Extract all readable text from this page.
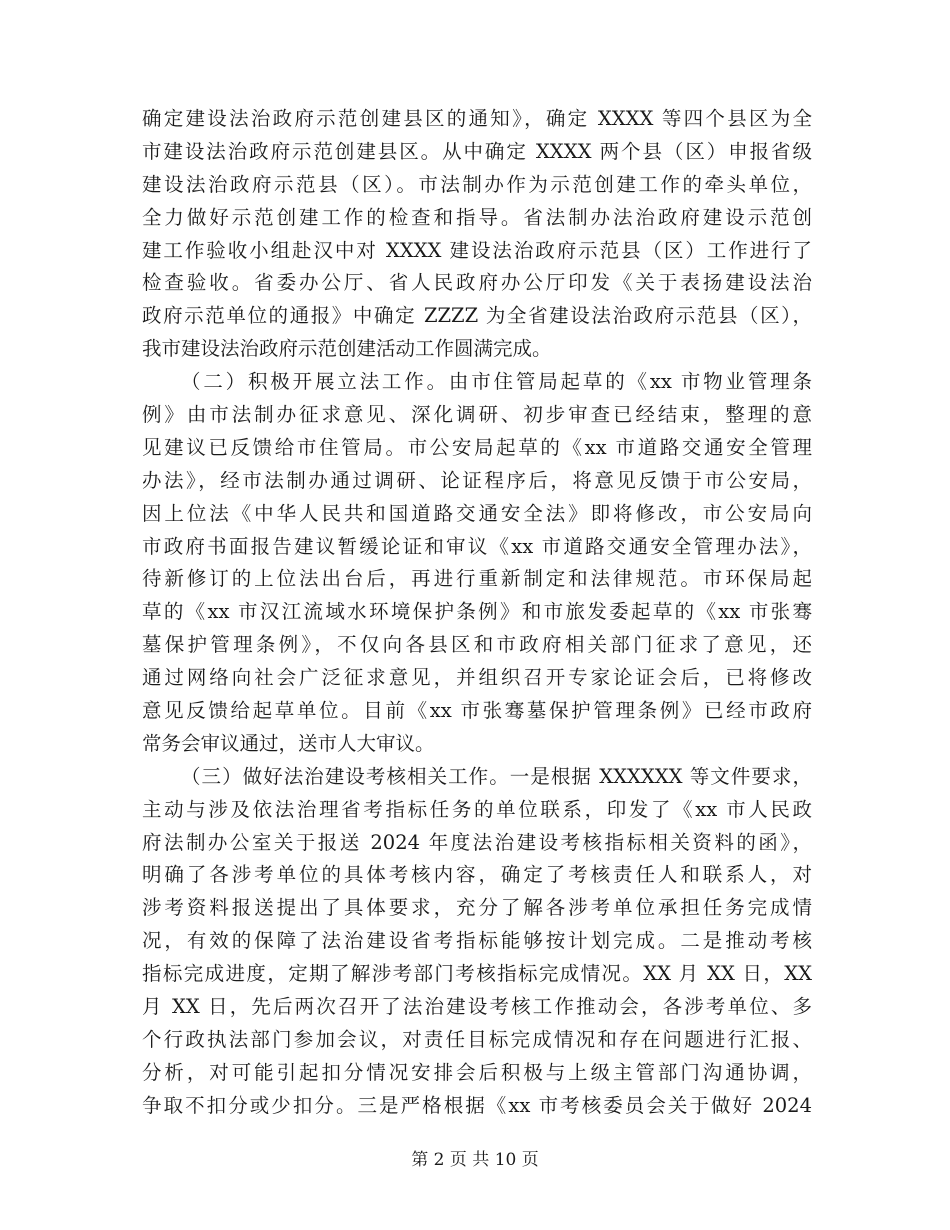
确定建设法治政府示范创建县区的通知》，确定 XXXX 等四个县区为全
市建设法治政府示范创建县区。从中确定 XXXX 两个县（区）申报省级
建设法治政府示范县（区）。市法制办作为示范创建工作的牵头单位，
全力做好示范创建工作的检查和指导。省法制办法治政府建设示范创
建工作验收小组赴汉中对 XXXX 建设法治政府示范县（区）工作进行了
检查验收。省委办公厅、省人民政府办公厅印发《关于表扬建设法治
政府示范单位的通报》中确定 ZZZZ 为全省建设法治政府示范县（区），
我市建设法治政府示范创建活动工作圆满完成。
（二）积极开展立法工作。由市住管局起草的《xx 市物业管理条
例》由市法制办征求意见、深化调研、初步审查已经结束，整理的意
见建议已反馈给市住管局。市公安局起草的《xx 市道路交通安全管理
办法》，经市法制办通过调研、论证程序后，将意见反馈于市公安局，
因上位法《中华人民共和国道路交通安全法》即将修改，市公安局向
市政府书面报告建议暂缓论证和审议《xx 市道路交通安全管理办法》，
待新修订的上位法出台后，再进行重新制定和法律规范。市环保局起
草的《xx 市汉江流域水环境保护条例》和市旅发委起草的《xx 市张骞
墓保护管理条例》，不仅向各县区和市政府相关部门征求了意见，还
通过网络向社会广泛征求意见，并组织召开专家论证会后，已将修改
意见反馈给起草单位。目前《xx 市张骞墓保护管理条例》已经市政府
常务会审议通过，送市人大审议。
（三）做好法治建设考核相关工作。一是根据 XXXXXX 等文件要求，
主动与涉及依法治理省考指标任务的单位联系，印发了《xx 市人民政
府法制办公室关于报送 2024 年度法治建设考核指标相关资料的函》，
明确了各涉考单位的具体考核内容，确定了考核责任人和联系人，对
涉考资料报送提出了具体要求，充分了解各涉考单位承担任务完成情
况，有效的保障了法治建设省考指标能够按计划完成。二是推动考核
指标完成进度，定期了解涉考部门考核指标完成情况。XX 月 XX 日，XX
月 XX 日，先后两次召开了法治建设考核工作推动会，各涉考单位、多
个行政执法部门参加会议，对责任目标完成情况和存在问题进行汇报、
分析，对可能引起扣分情况安排会后积极与上级主管部门沟通协调，
争取不扣分或少扣分。三是严格根据《xx 市考核委员会关于做好 2024
第 2 页 共 10 页
